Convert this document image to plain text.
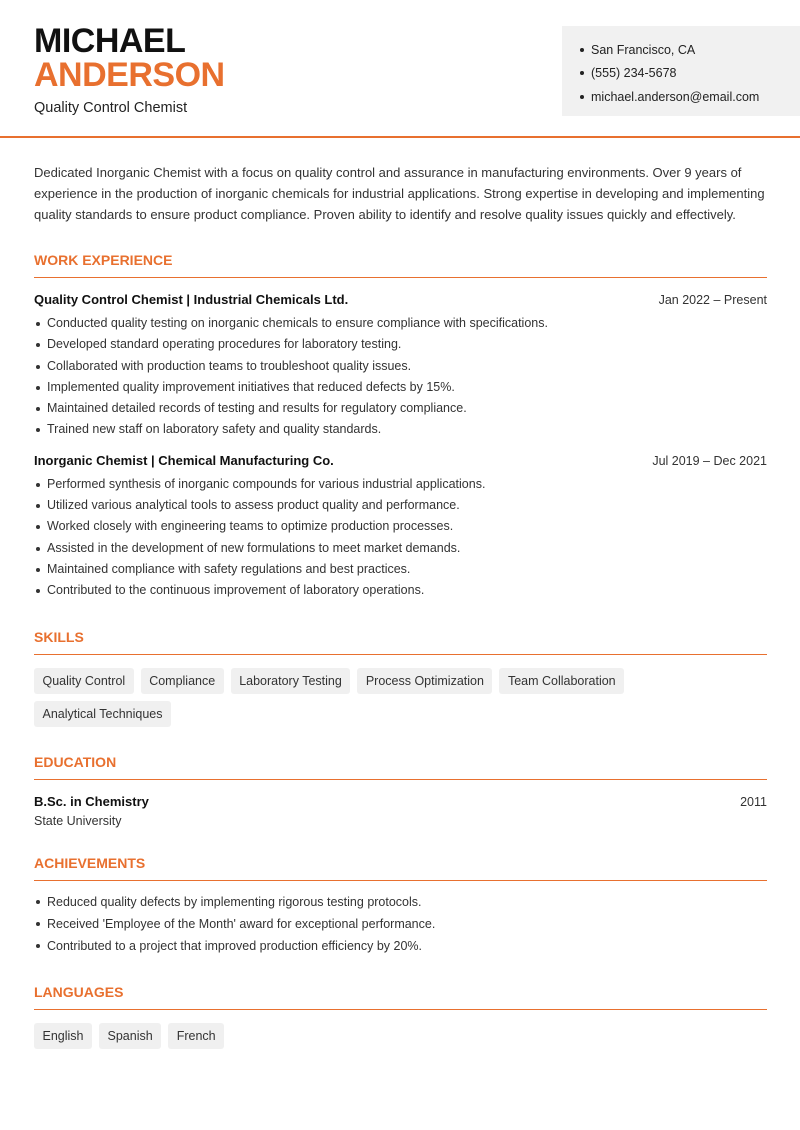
MICHAEL
ANDERSON
Quality Control Chemist
San Francisco, CA
(555) 234-5678
michael.anderson@email.com

Dedicated Inorganic Chemist with a focus on quality control and assurance in manufacturing environments. Over 9 years of experience in the production of inorganic chemicals for industrial applications. Strong expertise in developing and implementing quality standards to ensure product compliance. Proven ability to identify and resolve quality issues quickly and effectively.

WORK EXPERIENCE
Quality Control Chemist | Industrial Chemicals Ltd.	Jan 2022 – Present
Conducted quality testing on inorganic chemicals to ensure compliance with specifications.
Developed standard operating procedures for laboratory testing.
Collaborated with production teams to troubleshoot quality issues.
Implemented quality improvement initiatives that reduced defects by 15%.
Maintained detailed records of testing and results for regulatory compliance.
Trained new staff on laboratory safety and quality standards.
Inorganic Chemist | Chemical Manufacturing Co.	Jul 2019 – Dec 2021
Performed synthesis of inorganic compounds for various industrial applications.
Utilized various analytical tools to assess product quality and performance.
Worked closely with engineering teams to optimize production processes.
Assisted in the development of new formulations to meet market demands.
Maintained compliance with safety regulations and best practices.
Contributed to the continuous improvement of laboratory operations.
SKILLS
Quality Control	Compliance	Laboratory Testing	Process Optimization	Team Collaboration
Analytical Techniques
EDUCATION
B.Sc. in Chemistry	2011
State University
ACHIEVEMENTS
Reduced quality defects by implementing rigorous testing protocols.
Received 'Employee of the Month' award for exceptional performance.
Contributed to a project that improved production efficiency by 20%.
LANGUAGES
English	Spanish	French
